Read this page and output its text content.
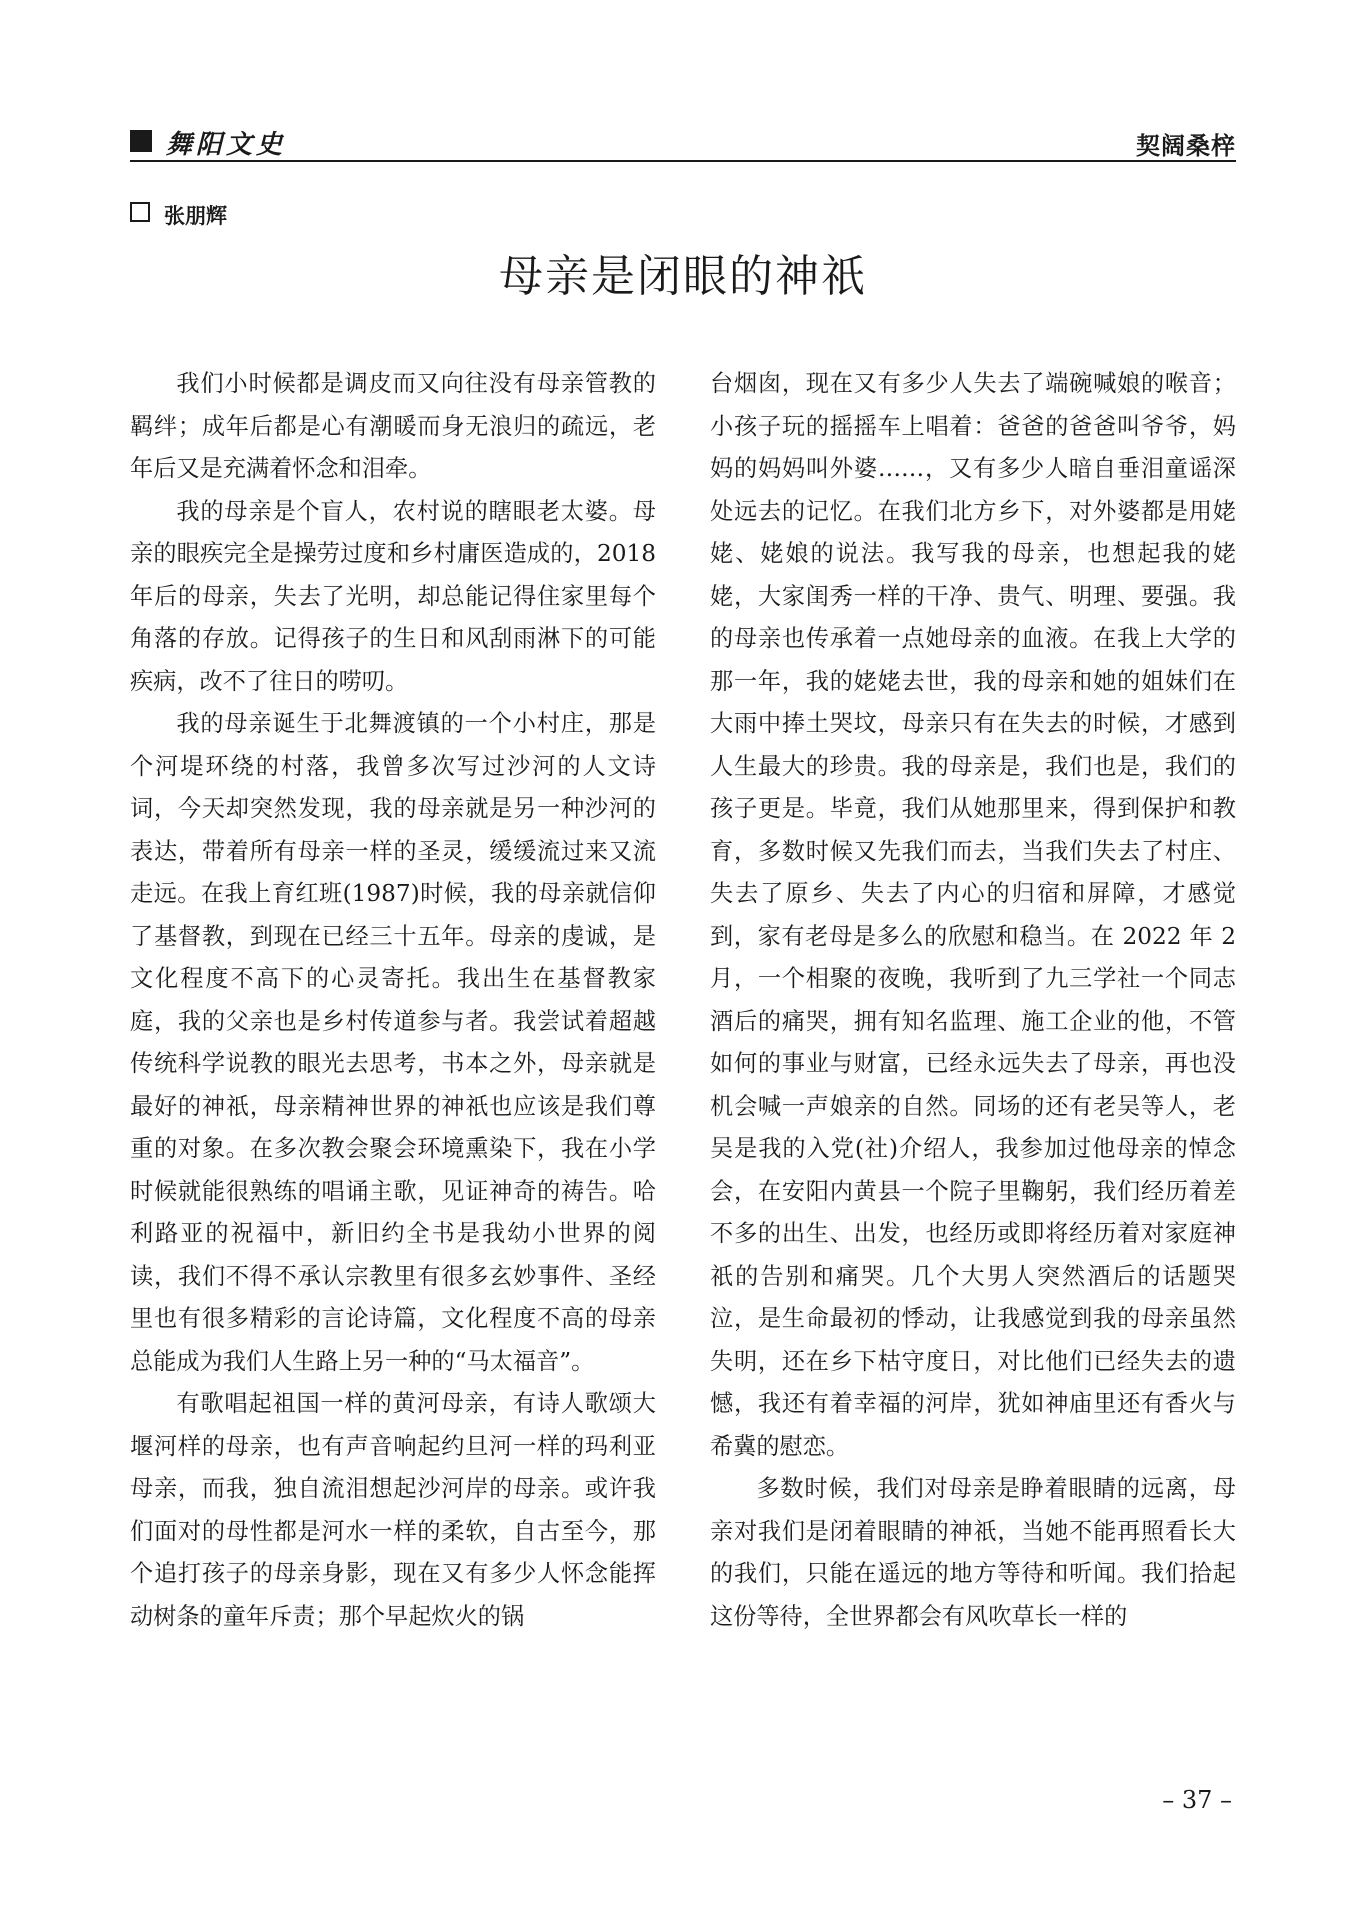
舞阳文史	契阔桑梓
张朋辉
母亲是闭眼的神祇

我们小时候都是调皮而又向往没有母亲管教的羁绊；成年后都是心有潮暖而身无浪归的疏远，老年后又是充满着怀念和泪牵。

我的母亲是个盲人，农村说的瞎眼老太婆。母亲的眼疾完全是操劳过度和乡村庸医造成的，2018 年后的母亲，失去了光明，却总能记得住家里每个角落的存放。记得孩子的生日和风刮雨淋下的可能疾病，改不了往日的唠叨。

我的母亲诞生于北舞渡镇的一个小村庄，那是个河堤环绕的村落，我曾多次写过沙河的人文诗词，今天却突然发现，我的母亲就是另一种沙河的表达，带着所有母亲一样的圣灵，缓缓流过来又流走远。在我上育红班(1987)时候，我的母亲就信仰了基督教，到现在已经三十五年。母亲的虔诚，是文化程度不高下的心灵寄托。我出生在基督教家庭，我的父亲也是乡村传道参与者。我尝试着超越传统科学说教的眼光去思考，书本之外，母亲就是最好的神祇，母亲精神世界的神祇也应该是我们尊重的对象。在多次教会聚会环境熏染下，我在小学时候就能很熟练的唱诵主歌，见证神奇的祷告。哈利路亚的祝福中，新旧约全书是我幼小世界的阅读，我们不得不承认宗教里有很多玄妙事件、圣经里也有很多精彩的言论诗篇，文化程度不高的母亲总能成为我们人生路上另一种的“马太福音”。

有歌唱起祖国一样的黄河母亲，有诗人歌颂大堰河样的母亲，也有声音响起约旦河一样的玛利亚母亲，而我，独自流泪想起沙河岸的母亲。或许我们面对的母性都是河水一样的柔软，自古至今，那个追打孩子的母亲身影，现在又有多少人怀念能挥动树条的童年斥责；那个早起炊火的锅

台烟囱，现在又有多少人失去了端碗喊娘的喉音；小孩子玩的摇摇车上唱着：爸爸的爸爸叫爷爷，妈妈的妈妈叫外婆……，又有多少人暗自垂泪童谣深处远去的记忆。在我们北方乡下，对外婆都是用姥姥、姥娘的说法。我写我的母亲，也想起我的姥姥，大家闺秀一样的干净、贵气、明理、要强。我的母亲也传承着一点她母亲的血液。在我上大学的那一年，我的姥姥去世，我的母亲和她的姐妹们在大雨中捧土哭坟，母亲只有在失去的时候，才感到人生最大的珍贵。我的母亲是，我们也是，我们的孩子更是。毕竟，我们从她那里来，得到保护和教育，多数时候又先我们而去，当我们失去了村庄、失去了原乡、失去了内心的归宿和屏障，才感觉到，家有老母是多么的欣慰和稳当。在 2022 年 2 月，一个相聚的夜晚，我听到了九三学社一个同志酒后的痛哭，拥有知名监理、施工企业的他，不管如何的事业与财富，已经永远失去了母亲，再也没机会喊一声娘亲的自然。同场的还有老吴等人，老吴是我的入党(社)介绍人，我参加过他母亲的悼念会，在安阳内黄县一个院子里鞠躬，我们经历着差不多的出生、出发，也经历或即将经历着对家庭神祇的告别和痛哭。几个大男人突然酒后的话题哭泣，是生命最初的悸动，让我感觉到我的母亲虽然失明，还在乡下枯守度日，对比他们已经失去的遗憾，我还有着幸福的河岸，犹如神庙里还有香火与希冀的慰恋。

多数时候，我们对母亲是睁着眼睛的远离，母亲对我们是闭着眼睛的神祇，当她不能再照看长大的我们，只能在遥远的地方等待和听闻。我们拾起这份等待，全世界都会有风吹草长一样的

– 37 –
